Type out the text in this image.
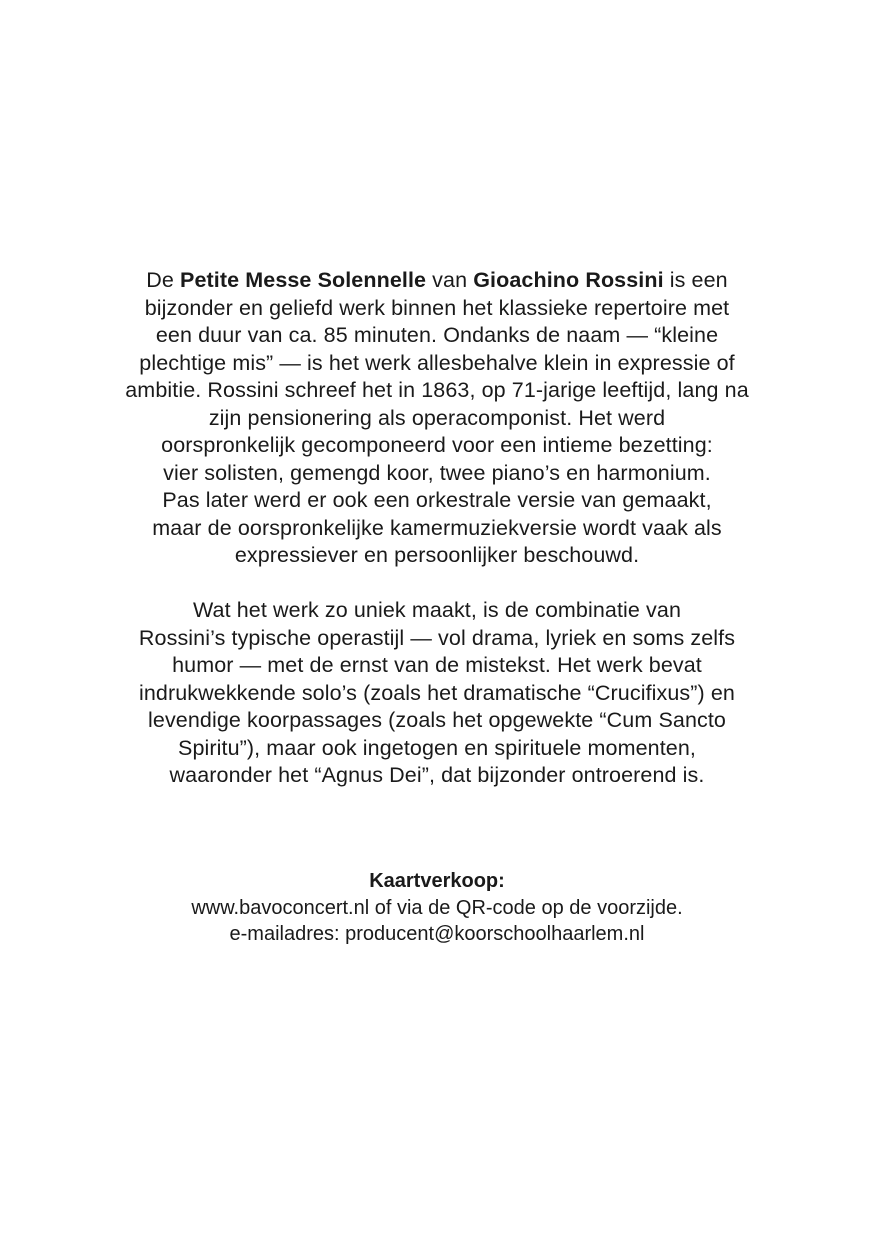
De Petite Messe Solennelle van Gioachino Rossini is een
bijzonder en geliefd werk binnen het klassieke repertoire met
een duur van ca. 85 minuten. Ondanks de naam — “kleine
plechtige mis” — is het werk allesbehalve klein in expressie of
ambitie. Rossini schreef het in 1863, op 71-jarige leeftijd, lang na
zijn pensionering als operacomponist. Het werd
oorspronkelijk gecomponeerd voor een intieme bezetting:
vier solisten, gemengd koor, twee piano’s en harmonium.
Pas later werd er ook een orkestrale versie van gemaakt,
maar de oorspronkelijke kamermuziekversie wordt vaak als
expressiever en persoonlijker beschouwd.
Wat het werk zo uniek maakt, is de combinatie van
Rossini’s typische operastijl — vol drama, lyriek en soms zelfs
humor — met de ernst van de mistekst. Het werk bevat
indrukwekkende solo’s (zoals het dramatische “Crucifixus”) en
levendige koorpassages (zoals het opgewekte “Cum Sancto
Spiritu”), maar ook ingetogen en spirituele momenten,
waaronder het “Agnus Dei”, dat bijzonder ontroerend is.
Kaartverkoop:
www.bavoconcert.nl of via de QR-code op de voorzijde.
e-mailadres: producent@koorschoolhaarlem.nl
